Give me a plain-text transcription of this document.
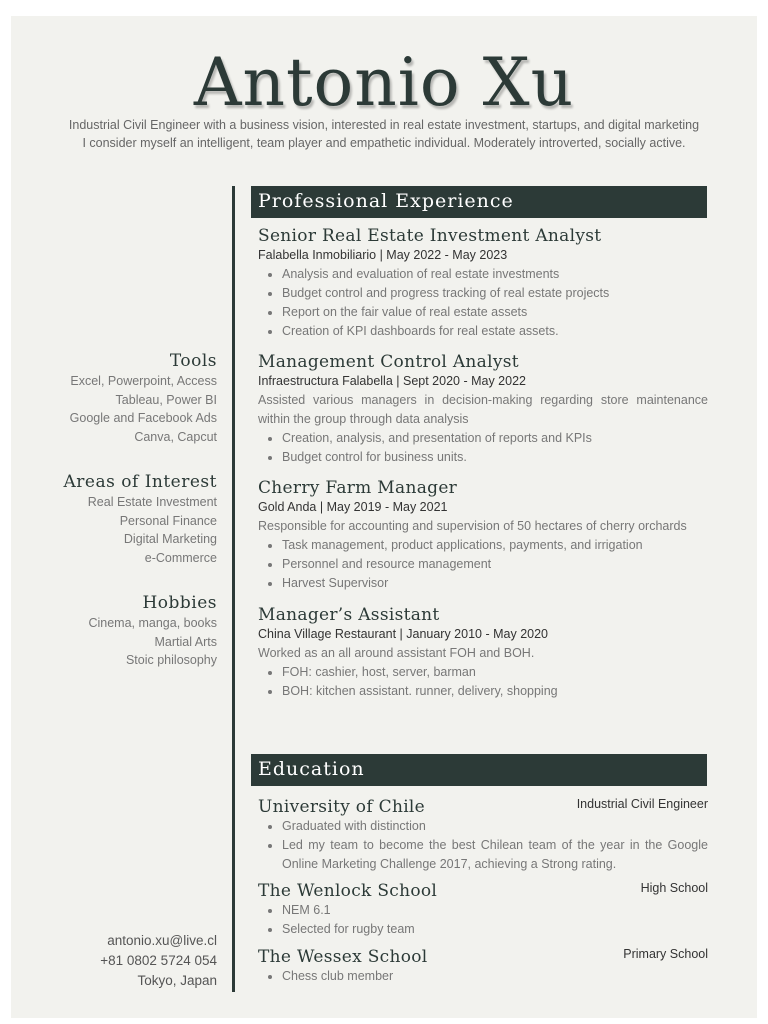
Antonio Xu
Industrial Civil Engineer with a business vision, interested in real estate investment, startups, and digital marketing
I consider myself an intelligent, team player and empathetic individual. Moderately introverted, socially active.
Tools
Excel, Powerpoint, Access
Tableau, Power BI
Google and Facebook Ads
Canva, Capcut
Areas of Interest
Real Estate Investment
Personal Finance
Digital Marketing
e-Commerce
Hobbies
Cinema, manga, books
Martial Arts
Stoic philosophy
antonio.xu@live.cl
+81 0802 5724 054
Tokyo, Japan
Professional Experience
Senior Real Estate Investment Analyst
Falabella Inmobiliario | May 2022 - May 2023
Analysis and evaluation of real estate investments
Budget control and progress tracking of real estate projects
Report on the fair value of real estate assets
Creation of KPI dashboards for real estate assets.
Management Control Analyst
Infraestructura Falabella | Sept 2020 - May 2022
Assisted various managers in decision-making regarding store maintenance within the group through data analysis
Creation, analysis, and presentation of reports and KPIs
Budget control for business units.
Cherry Farm Manager
Gold Anda | May 2019 - May 2021
Responsible for accounting and supervision of 50 hectares of cherry orchards
Task management, product applications, payments, and irrigation
Personnel and resource management
Harvest Supervisor
Manager’s Assistant
China Village Restaurant | January 2010 - May 2020
Worked as an all around assistant FOH and BOH.
FOH: cashier, host, server, barman
BOH: kitchen assistant. runner, delivery, shopping
Education
University of Chile	Industrial Civil Engineer
Graduated with distinction
Led my team to become the best Chilean team of the year in the Google Online Marketing Challenge 2017, achieving a Strong rating.
The Wenlock School	High School
NEM 6.1
Selected for rugby team
The Wessex School	Primary School
Chess club member
